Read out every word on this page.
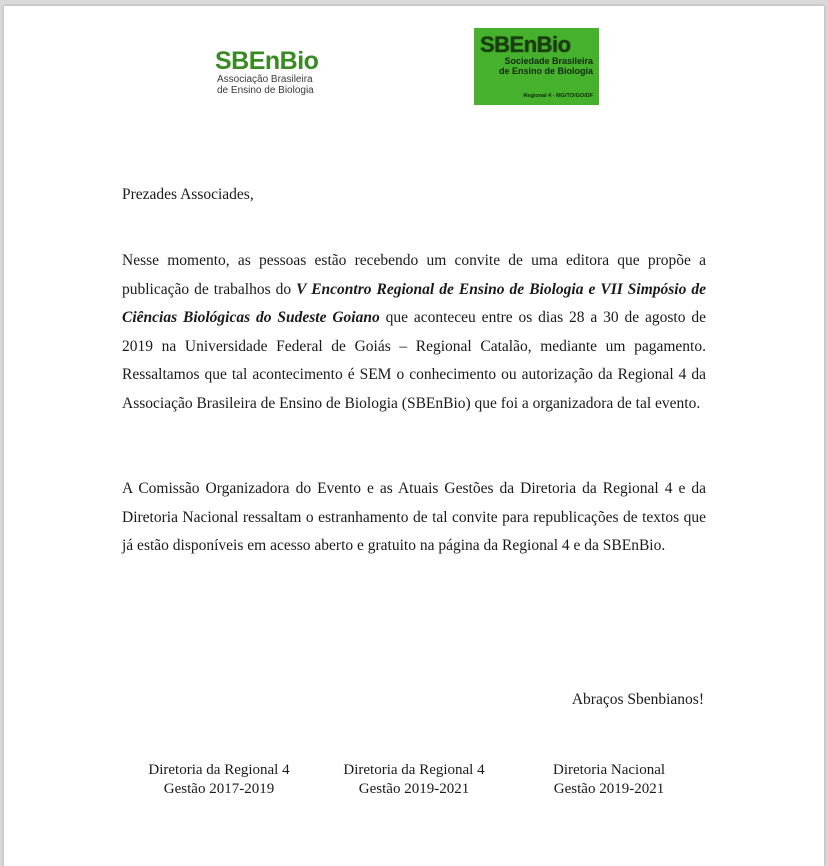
SBEnBio
Associação Brasileira
de Ensino de Biologia
SBEnBio
Sociedade Brasileira
de Ensino de Biologia
Regional 4 - MG/TO/GO/DF

Prezades Associades,

Nesse momento, as pessoas estão recebendo um convite de uma editora que propõe a publicação de trabalhos do V Encontro Regional de Ensino de Biologia e VII Simpósio de Ciências Biológicas do Sudeste Goiano que aconteceu entre os dias 28 a 30 de agosto de 2019 na Universidade Federal de Goiás – Regional Catalão, mediante um pagamento. Ressaltamos que tal acontecimento é SEM o conhecimento ou autorização da Regional 4 da Associação Brasileira de Ensino de Biologia (SBEnBio) que foi a organizadora de tal evento.

A Comissão Organizadora do Evento e as Atuais Gestões da Diretoria da Regional 4 e da Diretoria Nacional ressaltam o estranhamento de tal convite para republicações de textos que já estão disponíveis em acesso aberto e gratuito na página da Regional 4 e da SBEnBio.

Abraços Sbenbianos!
Diretoria da Regional 4
Gestão 2017-2019
Diretoria da Regional 4
Gestão 2019-2021
Diretoria Nacional
Gestão 2019-2021
